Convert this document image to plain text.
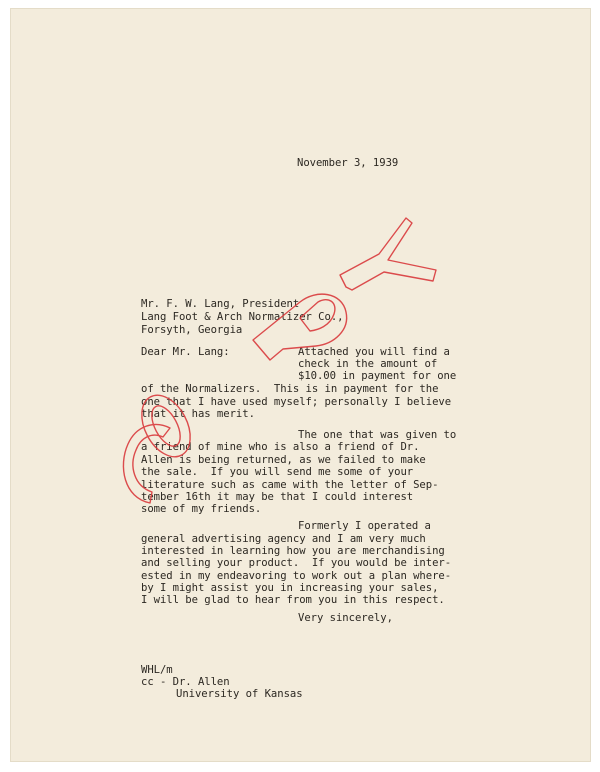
November 3, 1939
Mr. F. W. Lang, President
Lang Foot & Arch Normalizer Co.,
Forsyth, Georgia
Dear Mr. Lang:	Attached you will find a
check in the amount of
$10.00 in payment for one
of the Normalizers.  This is in payment for the
one that I have used myself; personally I believe
that it has merit.
The one that was given to
a friend of mine who is also a friend of Dr.
Allen is being returned, as we failed to make
the sale.  If you will send me some of your
literature such as came with the letter of Sep-
tember 16th it may be that I could interest
some of my friends.
Formerly I operated a
general advertising agency and I am very much
interested in learning how you are merchandising
and selling your product.  If you would be inter-
ested in my endeavoring to work out a plan where-
by I might assist you in increasing your sales,
I will be glad to hear from you in this respect.
Very sincerely,
WHL/m
cc - Dr. Allen
University of Kansas
